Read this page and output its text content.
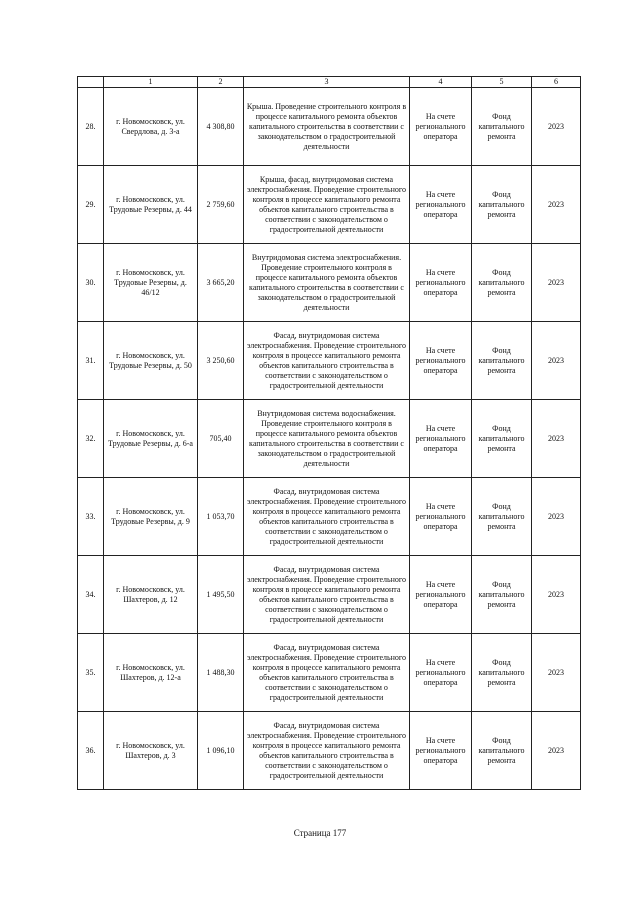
	1	2	3	4	5	6
28.	г. Новомосковск, ул. Свердлова, д. 3-а	4 308,80	Крыша. Проведение строительного контроля в процессе капитального ремонта объектов капитального строительства в соответствии с законодательством о градостроительной деятельности	На счете регионального оператора	Фонд капитального ремонта	2023
29.	г. Новомосковск, ул. Трудовые Резервы, д. 44	2 759,60	Крыша, фасад, внутридомовая система электроснабжения. Проведение строительного контроля в процессе капитального ремонта объектов капитального строительства в соответствии с законодательством о градостроительной деятельности	На счете регионального оператора	Фонд капитального ремонта	2023
30.	г. Новомосковск, ул. Трудовые Резервы, д. 46/12	3 665,20	Внутридомовая система электроснабжения. Проведение строительного контроля в процессе капитального ремонта объектов капитального строительства в соответствии с законодательством о градостроительной деятельности	На счете регионального оператора	Фонд капитального ремонта	2023
31.	г. Новомосковск, ул. Трудовые Резервы, д. 50	3 250,60	Фасад, внутридомовая система электроснабжения. Проведение строительного контроля в процессе капитального ремонта объектов капитального строительства в соответствии с законодательством о градостроительной деятельности	На счете регионального оператора	Фонд капитального ремонта	2023
32.	г. Новомосковск, ул. Трудовые Резервы, д. 6-а	705,40	Внутридомовая система водоснабжения. Проведение строительного контроля в процессе капитального ремонта объектов капитального строительства в соответствии с законодательством о градостроительной деятельности	На счете регионального оператора	Фонд капитального ремонта	2023
33.	г. Новомосковск, ул. Трудовые Резервы, д. 9	1 053,70	Фасад, внутридомовая система электроснабжения. Проведение строительного контроля в процессе капитального ремонта объектов капитального строительства в соответствии с законодательством о градостроительной деятельности	На счете регионального оператора	Фонд капитального ремонта	2023
34.	г. Новомосковск, ул. Шахтеров, д. 12	1 495,50	Фасад, внутридомовая система электроснабжения. Проведение строительного контроля в процессе капитального ремонта объектов капитального строительства в соответствии с законодательством о градостроительной деятельности	На счете регионального оператора	Фонд капитального ремонта	2023
35.	г. Новомосковск, ул. Шахтеров, д. 12-а	1 488,30	Фасад, внутридомовая система электроснабжения. Проведение строительного контроля в процессе капитального ремонта объектов капитального строительства в соответствии с законодательством о градостроительной деятельности	На счете регионального оператора	Фонд капитального ремонта	2023
36.	г. Новомосковск, ул. Шахтеров, д. 3	1 096,10	Фасад, внутридомовая система электроснабжения. Проведение строительного контроля в процессе капитального ремонта объектов капитального строительства в соответствии с законодательством о градостроительной деятельности	На счете регионального оператора	Фонд капитального ремонта	2023
Страница 177
